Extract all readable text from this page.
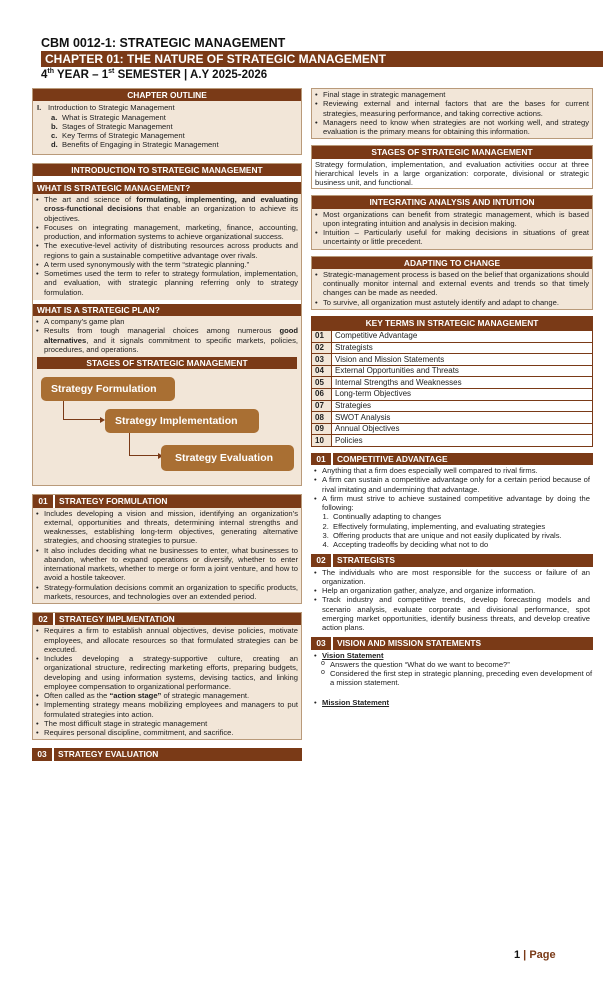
CBM 0012-1: STRATEGIC MANAGEMENT
CHAPTER 01: THE NATURE OF STRATEGIC MANAGEMENT
4th YEAR – 1st SEMESTER | A.Y 2025-2026
CHAPTER OUTLINE
I. Introduction to Strategic Management
a. What is Strategic Management
b. Stages of Strategic Management
c. Key Terms of Strategic Management
d. Benefits of Engaging in Strategic Management
INTRODUCTION TO STRATEGIC MANAGEMENT
WHAT IS STRATEGIC MANAGEMENT?
• The art and science of formulating, implementing, and evaluating cross-functional decisions that enable an organization to achieve its objectives.
• Focuses on integrating management, marketing, finance, accounting, production, and information systems to achieve organizational success.
• The executive-level activity of distributing resources across products and regions to gain a sustainable competitive advantage over rivals.
• A term used synonymously with the term “strategic planning.”
• Sometimes used the term to refer to strategy formulation, implementation, and evaluation, with strategic planning referring only to strategy formulation.
WHAT IS A STRATEGIC PLAN?
• A company’s game plan
• Results from tough managerial choices among numerous good alternatives, and it signals commitment to specific markets, policies, procedures, and operations.
STAGES OF STRATEGIC MANAGEMENT
Strategy Formulation
Strategy Implementation
Strategy Evaluation
01	STRATEGY FORMULATION
• Includes developing a vision and mission, identifying an organization’s external, opportunities and threats, determining internal strengths and weaknesses, establishing long-term objectives, generating alternative strategies, and choosing strategies to pursue.
• It also includes deciding what ne businesses to enter, what businesses to abandon, whether to expand operations or diversify, whether to enter international markets, whether to merge or form a joint venture, and how to avoid a hostile takeover.
• Strategy-formulation decisions commit an organization to specific products, markets, resources, and technologies over an extended period.
02	STRATEGY IMPLMENTATION
• Requires a firm to establish annual objectives, devise policies, motivate employees, and allocate resources so that formulated strategies can be executed.
• Includes developing a strategy-supportive culture, creating an organizational structure, redirecting marketing efforts, preparing budgets, developing and using information systems, devising tactics, and linking employee compensation to organizational performance.
• Often called as the “action stage” of strategic management.
• Implementing strategy means mobilizing employees and managers to put formulated strategies into action.
• The most difficult stage in strategic management
• Requires personal discipline, commitment, and sacrifice.
03	STRATEGY EVALUATION
• Final stage in strategic management
• Reviewing external and internal factors that are the bases for current strategies, measuring performance, and taking corrective actions.
• Managers need to know when strategies are not working well, and strategy evaluation is the primary means for obtaining this information.
STAGES OF STRATEGIC MANAGEMENT
Strategy formulation, implementation, and evaluation activities occur at three hierarchical levels in a large organization: corporate, divisional or strategic business unit, and functional.
INTEGRATING ANALYSIS AND INTUITION
• Most organizations can benefit from strategic management, which is based upon integrating intuition and analysis in decision making.
• Intuition – Particularly useful for making decisions in situations of great uncertainty or little precedent.
ADAPTING TO CHANGE
• Strategic-management process is based on the belief that organizations should continually monitor internal and external events and trends so that timely changes can be made as needed.
• To survive, all organization must astutely identify and adapt to change.
KEY TERMS IN STRATEGIC MANAGEMENT
01	Competitive Advantage
02	Strategists
03	Vision and Mission Statements
04	External Opportunities and Threats
05	Internal Strengths and Weaknesses
06	Long-term Objectives
07	Strategies
08	SWOT Analysis
09	Annual Objectives
10	Policies
01	COMPETITIVE ADVANTAGE
• Anything that a firm does especially well compared to rival firms.
• A firm can sustain a competitive advantage only for a certain period because of rival imitating and undermining that advantage.
• A firm must strive to achieve sustained competitive advantage by doing the following:
1. Continually adapting to changes
2. Effectively formulating, implementing, and evaluating strategies
3. Offering products that are unique and not easily duplicated by rivals.
4. Accepting tradeoffs by deciding what not to do
02	STRATEGISTS
• The individuals who are most responsible for the success or failure of an organization.
• Help an organization gather, analyze, and organize information.
• Track industry and competitive trends, develop forecasting models and scenario analysis, evaluate corporate and divisional performance, spot emerging market opportunities, identify business threats, and develop creative action plans.
03	VISION AND MISSION STATEMENTS
• Vision Statement
o Answers the question “What do we want to become?”
o Considered the first step in strategic planning, preceding even development of a mission statement.
• Mission Statement
1 | Page
